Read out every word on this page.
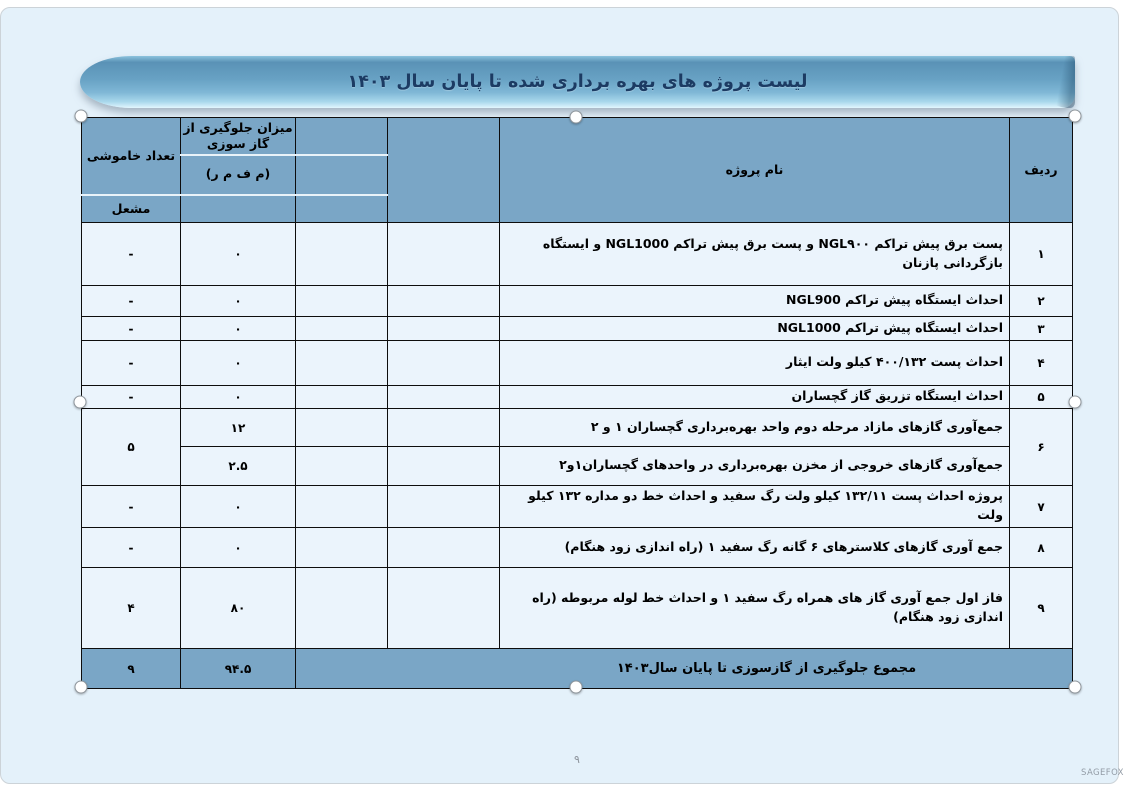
لیست پروژه های بهره برداری شده تا پایان سال ۱۴۰۳
ردیف	نام پروژه			میزان جلوگیری از گاز سوزی	تعداد خاموشی
				(م ف م ر)	
					مشعل
۱	پست برق پیش تراکم NGL۹۰۰ و پست برق پیش تراکم NGL1000 و ایستگاه بازگردانی پازنان			۰	-
۲	احداث ایستگاه پیش تراکم NGL900			۰	-
۳	احداث ایستگاه پیش تراکم NGL1000			۰	-
۴	احداث پست ۴۰۰/۱۳۲ کیلو ولت ایثار			۰	-
۵	احداث ایستگاه تزریق گاز گچساران			۰	-
۶	جمع‌آوری گازهای مازاد مرحله دوم واحد بهره‌برداری گچساران ۱ و ۲			۱۲	۵
	جمع‌آوری گازهای خروجی از مخزن بهره‌برداری در واحدهای گچساران۱و۲			۲.۵	
۷	پروژه احداث پست ۱۳۲/۱۱ کیلو ولت رگ سفید و احداث خط دو مداره ۱۳۲ کیلو ولت			۰	-
۸	جمع آوری گازهای کلاسترهای ۶ گانه رگ سفید ۱ (راه اندازی زود هنگام)			۰	-
۹	فاز اول جمع آوری گاز های همراه رگ سفید ۱ و احداث خط لوله مربوطه (راه اندازی زود هنگام)			۸۰	۴
مجموع جلوگیری از گازسوزی تا پایان سال۱۴۰۳				۹۴.۵	۹
۹
SAGEFOX
